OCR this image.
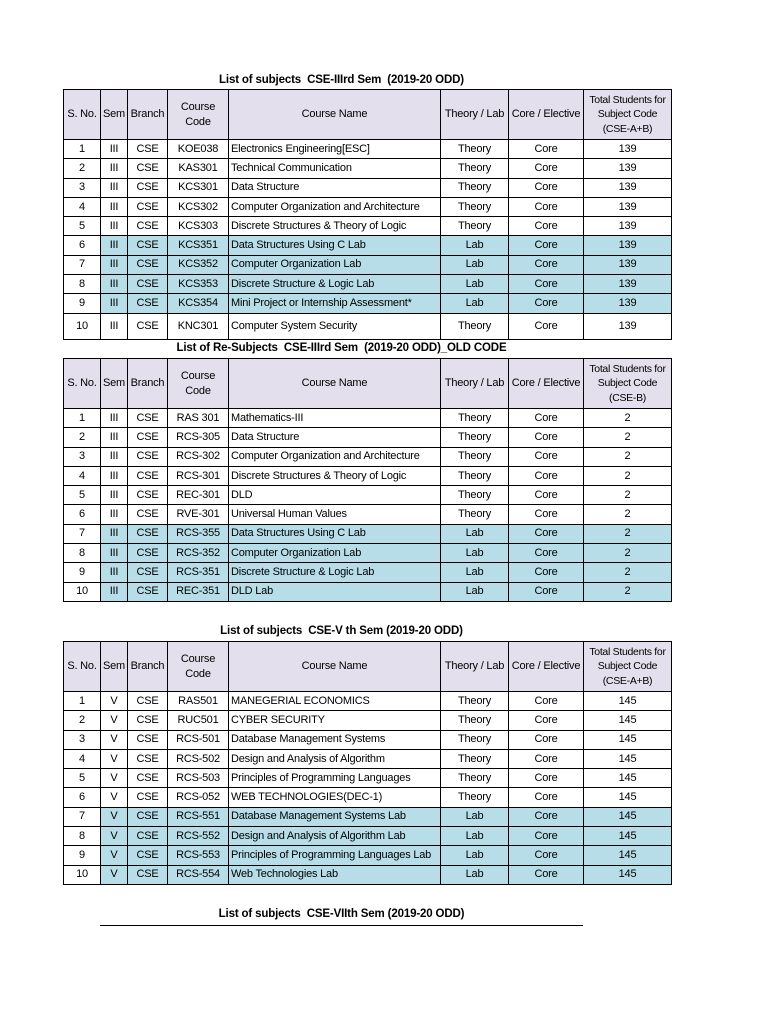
List of subjects  CSE-IIIrd Sem  (2019-20 ODD)
S. No.	Sem	Branch	Course
Code	Course Name	Theory / Lab	Core / Elective	Total Students for
Subject Code
(CSE-A+B)

1	III	CSE	KOE038	Electronics Engineering[ESC]	Theory	Core	139
2	III	CSE	KAS301	Technical Communication	Theory	Core	139
3	III	CSE	KCS301	Data Structure	Theory	Core	139
4	III	CSE	KCS302	Computer Organization and Architecture	Theory	Core	139
5	III	CSE	KCS303	Discrete Structures & Theory of Logic	Theory	Core	139
6	III	CSE	KCS351	Data Structures Using C Lab	Lab	Core	139
7	III	CSE	KCS352	Computer Organization Lab	Lab	Core	139
8	III	CSE	KCS353	Discrete Structure & Logic Lab	Lab	Core	139
9	III	CSE	KCS354	Mini Project or Internship Assessment*	Lab	Core	139
10	III	CSE	KNC301	Computer System Security	Theory	Core	139
List of Re-Subjects  CSE-IIIrd Sem  (2019-20 ODD)_OLD CODE
S. No.	Sem	Branch	Course
Code	Course Name	Theory / Lab	Core / Elective	Total Students for
Subject Code
(CSE-B)

1	III	CSE	RAS 301	Mathematics-III	Theory	Core	2
2	III	CSE	RCS-305	Data Structure	Theory	Core	2
3	III	CSE	RCS-302	Computer Organization and Architecture	Theory	Core	2
4	III	CSE	RCS-301	Discrete Structures & Theory of Logic	Theory	Core	2
5	III	CSE	REC-301	DLD	Theory	Core	2
6	III	CSE	RVE-301	Universal Human Values	Theory	Core	2
7	III	CSE	RCS-355	Data Structures Using C Lab	Lab	Core	2
8	III	CSE	RCS-352	Computer Organization Lab	Lab	Core	2
9	III	CSE	RCS-351	Discrete Structure & Logic Lab	Lab	Core	2
10	III	CSE	REC-351	DLD Lab	Lab	Core	2
List of subjects  CSE-V th Sem (2019-20 ODD)
S. No.	Sem	Branch	Course
Code	Course Name	Theory / Lab	Core / Elective	Total Students for
Subject Code
(CSE-A+B)

1	V	CSE	RAS501	MANEGERIAL ECONOMICS	Theory	Core	145
2	V	CSE	RUC501	CYBER SECURITY	Theory	Core	145
3	V	CSE	RCS-501	Database Management Systems	Theory	Core	145
4	V	CSE	RCS-502	Design and Analysis of Algorithm	Theory	Core	145
5	V	CSE	RCS-503	Principles of Programming Languages	Theory	Core	145
6	V	CSE	RCS-052	WEB TECHNOLOGIES(DEC-1)	Theory	Core	145
7	V	CSE	RCS-551	Database Management Systems Lab	Lab	Core	145
8	V	CSE	RCS-552	Design and Analysis of Algorithm Lab	Lab	Core	145
9	V	CSE	RCS-553	Principles of Programming Languages Lab	Lab	Core	145
10	V	CSE	RCS-554	Web Technologies Lab	Lab	Core	145
List of subjects  CSE-VIIth Sem (2019-20 ODD)
